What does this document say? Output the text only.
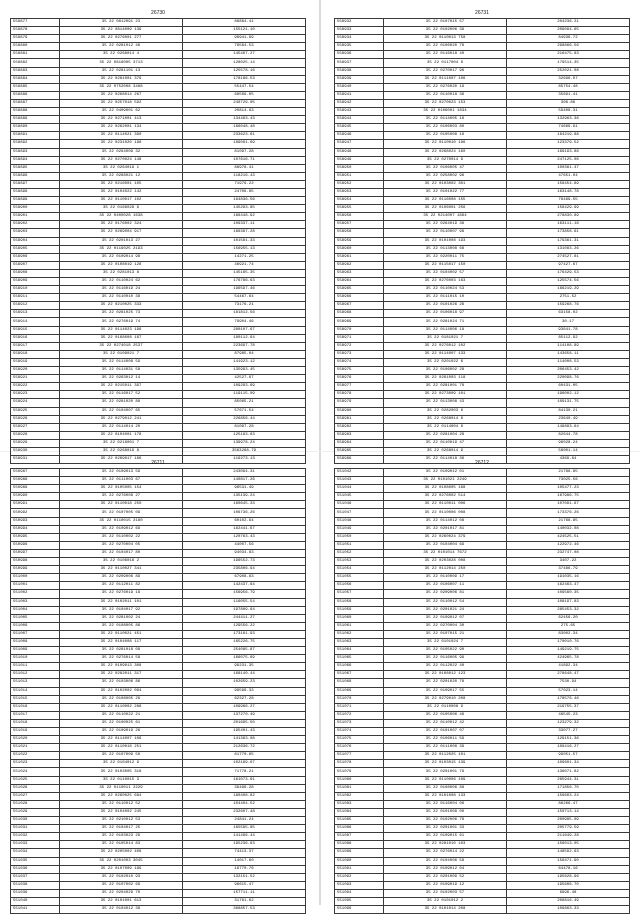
26730
558877	35 22 0812091 23	88864.41
558878	35 22 0814009 139	155121.10
558879	35 22 0276001 277	96941.99
558880	35 22 0281012 46	79564.53
558881	35 22 0268014 4	145467.27
558882	35 22 0816005 3713	128025.14
558883	35 22 0281101 13	125578.16
558884	35 22 0281001 379	178186.53
558885	35 22 0752008 3488	55447.54
558886	35 22 0268014 267	68509.05
558887	35 22 0257018 592	240729.05
558888	35 22 0409001 62	20814.93
558889	35 22 0271001 413	134463.43
558890	35 22 0262001 134	166048.48
558891	35 22 0114021 390	233623.61
558892	35 22 0231020 198	189091.69
558893	35 22 0294009 32	81097.28
558894	35 22 0270024 148	107616.71
558895	35 22 0264019 1	86978.41
558896	35 22 0268021 12	118216.43
558897	35 22 0216001 105	71979.22
558898	35 22 0104022 142	24706.85
558899	35 22 0110017 102	164836.56
558900	35 22 0166029 9	145293.85
558901	35 22 0400028 1638	166448.92
558902	35 22 0176002 324	109337.11
558903	35 22 0269004 917	166387.28
558904	35 22 0201013 27	101581.33
558905	35 22 0119025 2193	156955.13
558906	35 22 0109014 98	14271.25
558907	35 22 0108019 128	46921.74
558908	35 22 0281013 8	145165.35
558909	35 22 0110024 62	176786.63
558910	35 22 0116019 24	196597.46
558911	35 22 0110010 38	54467.64
558912	35 22 0210025 333	73176.21
558913	35 22 0281025 73	181812.56
558914	35 22 0276019 74	79904.46
558915	35 22 0114023 196	280107.67
558916	35 22 0168008 167	180112.64
558917	35 22 0274018 2537	223697.78
558918	35 22 0109021 7	87985.04
558919	35 22 0114008 59	141923.12
558920	35 22 0114031 58	135993.45
558921	35 22 0263012 14	42527.67
558922	35 22 0215011 397	109293.69
558923	35 22 0116017 52	119115.09
558924	35 22 0281020 88	85065.21
558925	35 22 0104007 65	57671.54
558926	35 22 0279012 241	226856.44
558927	35 22 0114014 20	81097.28
558928	35 22 0104001 178	125193.63
558929	35 22 0216001 7	139978.24
558930	35 22 0268019 8	3563268.79
558931	35 22 0269017 166	119273.13
26731
558932	35 22 0107015 57	204236.21
558933	35 22 0102006 39	209094.65
558934	35 22 0110013 758	84936.72
558935	35 22 0106020 76	298866.56
558936	35 22 0116018 40	216475.83
558937	35 22 0117004 8	179514.35
558938	35 22 0270017 96	252021.08
558939	35 22 0111007 106	32696.07
558940	35 22 0276020 19	85754.48
558941	35 22 0110018 36	35691.41
558942	35 22 0270023 153	306.86
558943	35 22 0106001 1834	59408.31
558944	35 22 0114005 16	132963.36
558945	35 22 0106003 80	74669.91
558946	35 22 0105008 16	164219.88
558947	35 22 0110010 196	123379.52
558948	35 22 0268024 160	169193.86
558949	35 22 0270014 9	247125.06
558950	35 22 0106005 47	100361.47
558951	35 22 0258002 96	47651.04
558952	35 22 0103002 301	158454.89
558953	35 22 0101022 77	163148.78
558954	35 22 0116008 155	78469.55
558955	35 22 0106001 256	158429.99
558956	35 22 0214007 1894	278830.89
558957	35 22 0264019 36	163111.16
558958	35 22 0110007 98	173858.61
558959	35 22 0101008 193	179361.31
558960	35 22 0113008 68	131083.26
558961	35 22 0220011 75	274527.81
558962	35 22 0115017 150	97427.67
558963	35 22 0104002 57	176429.53
558964	35 22 0276003 163	125574.56
558965	35 22 0110024 53	166219.29
558966	35 22 0111015 10	2751.52
558967	35 22 0101026 26	159268.76
558968	35 22 0106018 97	63158.02
558969	35 22 0281024 71	30.17
558970	35 22 0114006 18	93641.78
558971	35 22 0181021 7	85112.92
558972	35 22 0276012 102	114108.89
558973	35 22 0114007 133	143658.11
558974	35 22 0201022 6	114008.53
558975	35 22 0106002 28	206453.42
558976	35 22 0261003 118	220098.76
558977	35 22 0281001 78	60431.05
558978	35 22 0273009 101	196002.12
558979	35 22 0113008 43	109131.75
558980	35 22 0282003 6	84130.21
558981	35 22 0268014 8	23640.49
558982	35 22 0114004 8	149893.64
558983	35 22 0281004 28	82644.78
558984	35 22 0110019 47	96028.24
558985	35 22 0268014 9	58001.14
558986	35 22 0114018 36	4369.64
26711
550987	35 22 0109013 59	243094.31
550988	35 22 0111003 67	140817.26
550989	35 22 0105005 154	96531.49
550990	35 22 0276008 27	135139.24
550991	35 22 0110018 250	160645.33
550992	35 22 0107005 09	106736.26
550993	35 22 0110015 2180	60102.94
550994	35 22 0109012 69	182441.67
550995	35 22 0110002 22	120763.43
550996	35 22 0270004 05	44007.56
550997	35 22 0104017 80	94034.83
550998	35 22 0106016 2	196552.73
550999	35 22 0110027 341	235806.94
551000	35 22 0209006 89	67908.83
551001	35 22 0112011 82	142437.64
551002	35 22 0276019 18	156956.79
551003	35 22 0102011 101	116055.54
551004	35 22 0104017 92	197809.64
551005	35 22 0281002 24	244411.27
551006	35 22 0108005 86	129556.22
551007	35 22 0110021 451	173161.93
551008	35 22 0104008 117	165226.75
551009	35 22 0281018 09	254085.87
551010	35 22 0276014 58	166075.69
551011	35 22 0109013 308	99231.35
551012	35 22 0282011 317	168140.44
551013	35 22 0103006 86	102659.23
551014	35 22 0102002 094	99596.33
551015	35 22 0108005 29	62327.28
551016	35 22 0110002 288	109966.27
551017	35 22 0110022 21	137270.49
551018	35 22 0100025 61	201695.50
551019	35 22 0109019 26	195401.43
551020	35 22 0114007 109	141363.08
551021	35 22 0110016 251	212636.72
551022	35 22 0107009 50	61770.65
551023	35 22 0104012 9	102199.67
551024	35 22 0103005 318	71778.21
551025	35 22 0110015 3	161073.61
551026	35 22 0110011 2229	39496.28
551027	35 22 0260025 684	180408.82
551028	35 22 0110012 52	104404.52
551029	35 22 0104002 245	232607.48
551030	35 22 0210012 53	24841.24
551031	35 22 0104017 25	165595.85
551032	35 22 0103023 29	141496.44
551033	35 22 0105014 83	195236.63
551034	35 22 0205002 406	74413.37
551035	35 22 0201003 3045	14017.60
551036	35 22 0107009 189	16770.76
551037	35 22 0102010 93	132151.52
551038	35 22 0107002 69	96615.47
551039	35 22 0204029 70	157711.11
551040	35 22 0101001 613	31761.62
551041	35 22 0104012 38	368857.53
26712
551042	35 22 0109012 01	21786.85
551043	35 22 0101021 2249	73025.56
551044	35 22 0108005 168	105477.23
551045	35 22 0276002 514	167986.75
551046	35 22 0110011 006	107091.67
551047	35 22 0110006 008	173376.26
551048	35 22 0114012 08	21766.85
551049	35 22 0201017 81	140032.08
551050	35 22 0260024 379	424525.51
551051	35 22 0104004 69	122972.46
551052	35 22 0101014 7672	232747.08
551053	35 22 0203028 008	3407.22
551054	35 22 0112014 250	37486.79
551055	35 22 0110009 17	191035.16
551056	35 22 0106007 11	162463.47
551057	35 22 0209006 81	109560.35
551058	35 22 0110012 54	108197.83
551059	35 22 0201021 24	285453.32
551060	35 22 0109012 07	62456.20
551061	35 22 0270004 30	275.65
551062	35 22 0107015 21	83002.34
551063	35 22 0101024 7	170010.76
551064	35 22 0105022 90	149219.75
551065	35 22 0116005 99	424965.78
551066	35 22 0112022 40	41892.34
551067	35 22 0108012 123	278648.47
551068	35 22 0201020 78	7530.94
551069	35 22 0109017 55	57023.14
551070	35 22 0279010 208	178576.46
551071	35 22 0110008 9	219755.37
551072	35 22 0105006 46	46545.23
551073	35 22 0110012 42	123279.32
551074	35 22 0101007 07	33077.27
551075	35 22 0106011 59	129151.36
551076	35 22 0111008 39	109416.27
551077	35 22 0112025 101	99051.57
551078	35 22 0103015 139	109601.34
551079	35 22 0201001 79	136071.82
551080	35 22 0110006 109	265944.31
551081	35 22 0108006 88	171856.70
551082	35 22 0101008 133	159603.24
551083	35 22 0116004 06	86266.47
551084	35 22 0101008 00	150713.14
551085	35 22 0102006 78	200985.09
551086	35 22 0201001 33	205779.59
551087	35 22 0109015 61	211649.28
551088	35 22 0281010 103	156013.05
551089	35 22 0276014 22	148592.63
551090	35 22 0104006 58	156471.90
551091	35 22 0109012 04	64478.16
551092	35 22 0201009 52	195628.96
551093	35 22 0109019 12	195606.70
551094	35 22 0102003 57	6996.48
551095	35 22 0101012 2	208816.49
551096	35 22 0101014 208	109863.33
